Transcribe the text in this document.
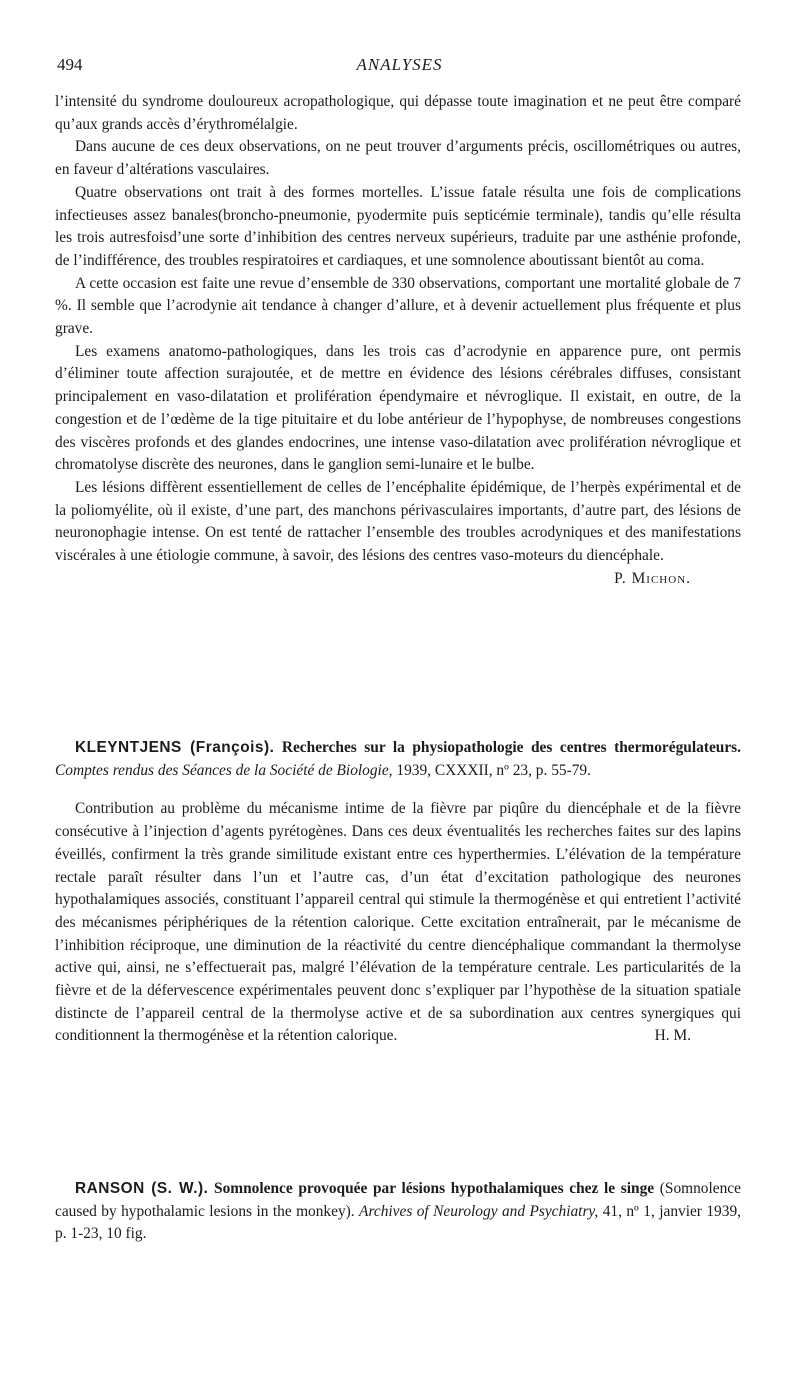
494	ANALYSES

l’intensité du syndrome douloureux acropathologique, qui dépasse toute imagination et ne peut être comparé qu’aux grands accès d’érythromélalgie.

Dans aucune de ces deux observations, on ne peut trouver d’arguments précis, oscillométriques ou autres, en faveur d’altérations vasculaires.

Quatre observations ont trait à des formes mortelles. L’issue fatale résulta une fois de complications infectieuses assez banales(broncho-pneumonie, pyodermite puis septicémie terminale), tandis qu’elle résulta les trois autresfoisd’une sorte d’inhibition des centres nerveux supérieurs, traduite par une asthénie profonde, de l’indifférence, des troubles respiratoires et cardiaques, et une somnolence aboutissant bientôt au coma.

A cette occasion est faite une revue d’ensemble de 330 observations, comportant une mortalité globale de 7 %. Il semble que l’acrodynie ait tendance à changer d’allure, et à devenir actuellement plus fréquente et plus grave.

Les examens anatomo-pathologiques, dans les trois cas d’acrodynie en apparence pure, ont permis d’éliminer toute affection surajoutée, et de mettre en évidence des lésions cérébrales diffuses, consistant principalement en vaso-dilatation et prolifération épendymaire et névroglique. Il existait, en outre, de la congestion et de l’œdème de la tige pituitaire et du lobe antérieur de l’hypophyse, de nombreuses congestions des viscères profonds et des glandes endocrines, une intense vaso-dilatation avec prolifération névroglique et chromatolyse discrète des neurones, dans le ganglion semi-lunaire et le bulbe.

Les lésions diffèrent essentiellement de celles de l’encéphalite épidémique, de l’herpès expérimental et de la poliomyélite, où il existe, d’une part, des manchons périvasculaires importants, d’autre part, des lésions de neuronophagie intense. On est tenté de rattacher l’ensemble des troubles acrodyniques et des manifestations viscérales à une étiologie commune, à savoir, des lésions des centres vaso-moteurs du diencéphale.

P. Michon.

KLEYNTJENS (François). Recherches sur la physiopathologie des centres thermorégulateurs. Comptes rendus des Séances de la Société de Biologie, 1939, CXXXII, nº 23, p. 55-79.

Contribution au problème du mécanisme intime de la fièvre par piqûre du diencéphale et de la fièvre consécutive à l’injection d’agents pyrétogènes. Dans ces deux éventualités les recherches faites sur des lapins éveillés, confirment la très grande similitude existant entre ces hyperthermies. L’élévation de la température rectale paraît résulter dans l’un et l’autre cas, d’un état d’excitation pathologique des neurones hypothalamiques associés, constituant l’appareil central qui stimule la thermogénèse et qui entretient l’activité des mécanismes périphériques de la rétention calorique. Cette excitation entraînerait, par le mécanisme de l’inhibition réciproque, une diminution de la réactivité du centre diencéphalique commandant la thermolyse active qui, ainsi, ne s’effectuerait pas, malgré l’élévation de la température centrale. Les particularités de la fièvre et de la défervescence expérimentales peuvent donc s’expliquer par l’hypothèse de la situation spatiale distincte de l’appareil central de la thermolyse active et de sa subordination aux centres synergiques qui conditionnent la thermogénèse et la rétention calorique.	H. M.

RANSON (S. W.). Somnolence provoquée par lésions hypothalamiques chez le singe (Somnolence caused by hypothalamic lesions in the monkey). Archives of Neurology and Psychiatry, 41, nº 1, janvier 1939, p. 1-23, 10 fig.
